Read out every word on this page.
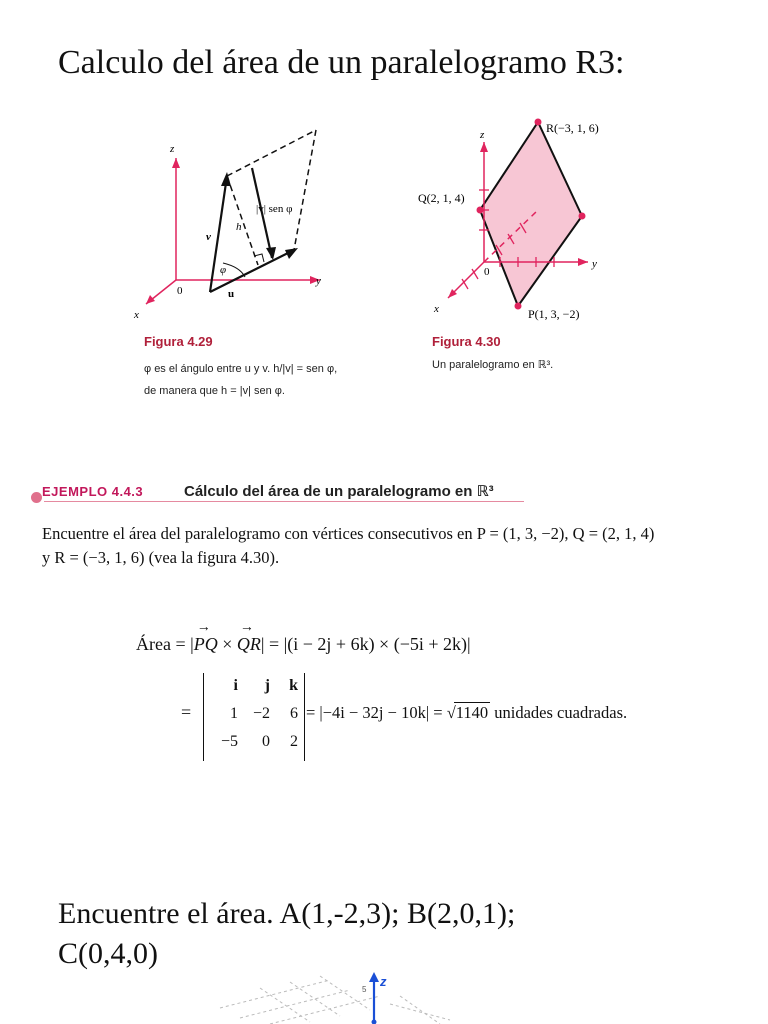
Calculo del área de un paralelogramo R3:
z
y
x
0
v
u
h
φ
|v| sen φ
Figura 4.29
φ es el ángulo entre u y v. h/|v| = sen φ,
de manera que h = |v| sen φ.
z
y
x
0
R(−3, 1, 6)
Q(2, 1, 4)
P(1, 3, −2)
Figura 4.30
Un paralelogramo en ℝ³.
EJEMPLO 4.4.3	Cálculo del área de un paralelogramo en ℝ³
Encuentre el área del paralelogramo con vértices consecutivos en P = (1, 3, −2), Q = (2, 1, 4)
y R = (−3, 1, 6) (vea la figura 4.30).
Área = |PQ → × QR →| = |(i − 2j + 6k) × (−5i + 2k)|
=
i	j	k
1 −2	6
−5	0	2
= |−4i − 32j − 10k| = √1140 unidades cuadradas.
Encuentre el área. A(1,-2,3); B(2,0,1);
C(0,4,0)
z
5
